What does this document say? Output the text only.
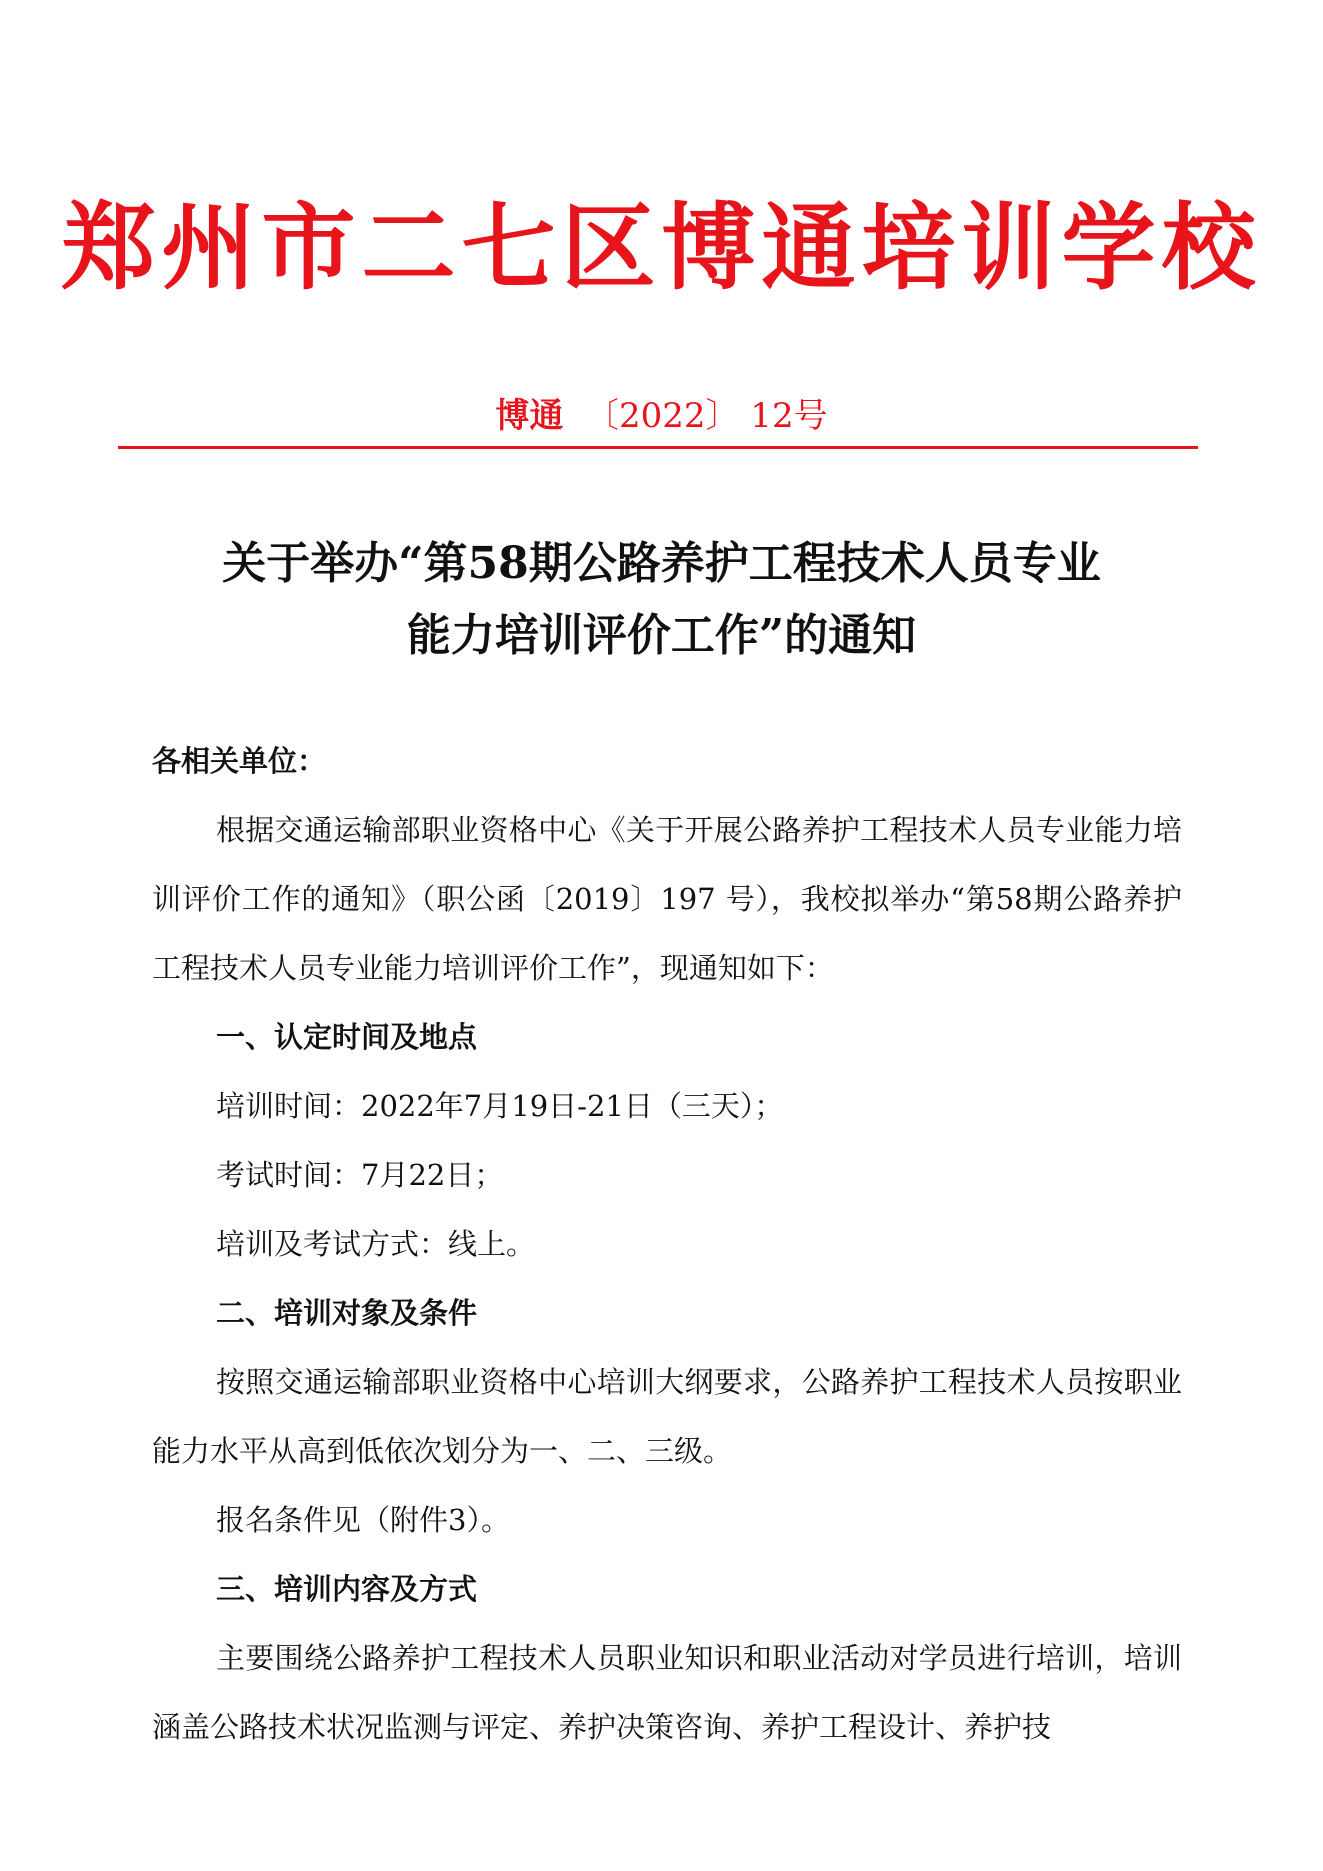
郑州市二七区博通培训学校
博通 〔2022〕 12号
关于举办“第58期公路养护工程技术人员专业
能力培训评价工作”的通知

各相关单位：

根据交通运输部职业资格中心《关于开展公路养护工程技术人员专业能力培训评价工作的通知》（职公函〔2019〕197 号），我校拟举办“第58期公路养护工程技术人员专业能力培训评价工作”，现通知如下：

一、认定时间及地点

培训时间：2022年7月19日-21日（三天）；

考试时间：7月22日；

培训及考试方式：线上。

二、培训对象及条件

按照交通运输部职业资格中心培训大纲要求，公路养护工程技术人员按职业能力水平从高到低依次划分为一、二、三级。

报名条件见（附件3）。

三、培训内容及方式

主要围绕公路养护工程技术人员职业知识和职业活动对学员进行培训，培训涵盖公路技术状况监测与评定、养护决策咨询、养护工程设计、养护技
